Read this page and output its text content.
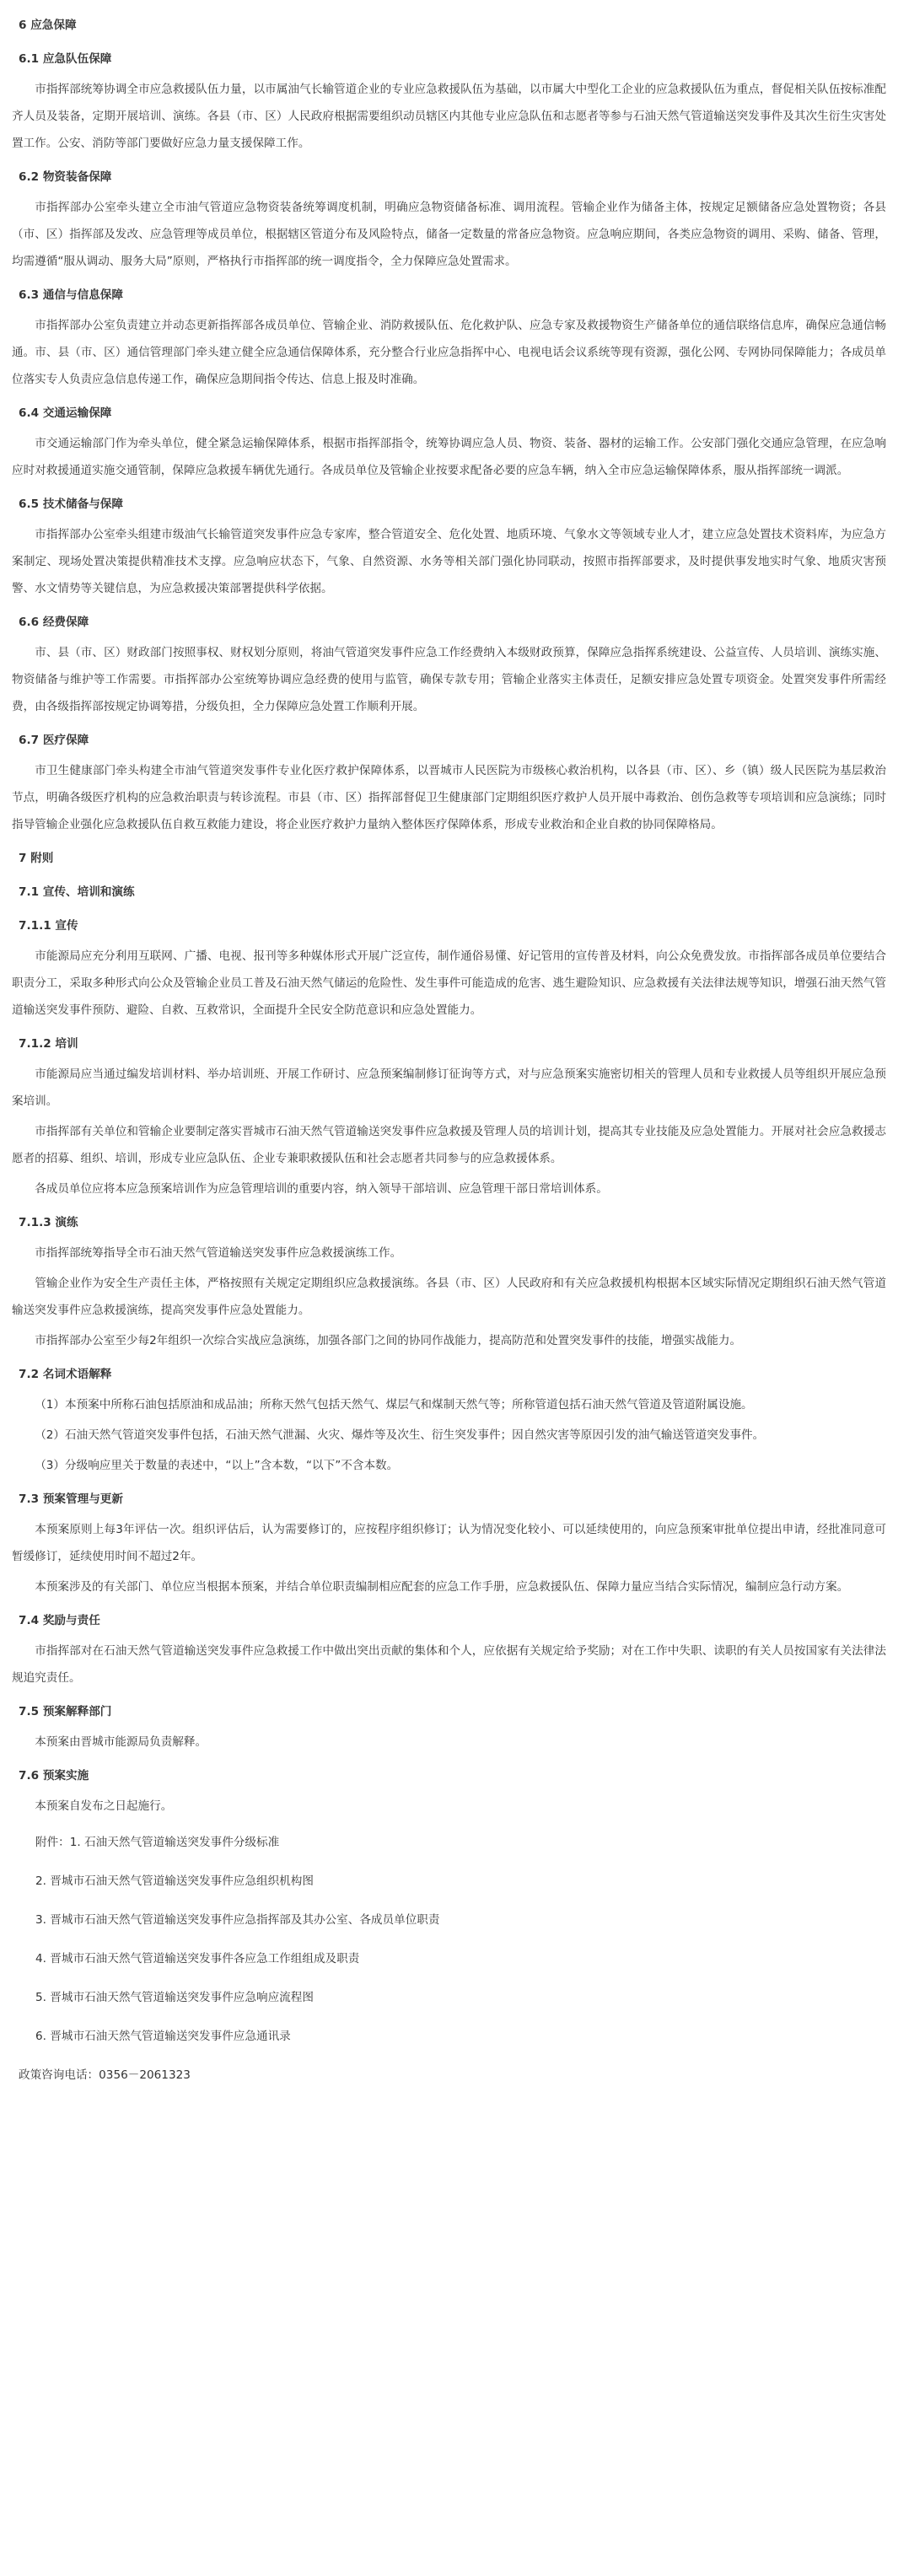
6 应急保障
6.1 应急队伍保障
市指挥部统筹协调全市应急救援队伍力量，以市属油气长输管道企业的专业应急救援队伍为基础，以市属大中型化工企业的应急救援队伍为重点，督促相关队伍按标准配齐人员及装备，定期开展培训、演练。各县（市、区）人民政府根据需要组织动员辖区内其他专业应急队伍和志愿者等参与石油天然气管道输送突发事件及其次生衍生灾害处置工作。公安、消防等部门要做好应急力量支援保障工作。
6.2 物资装备保障
市指挥部办公室牵头建立全市油气管道应急物资装备统筹调度机制，明确应急物资储备标准、调用流程。管输企业作为储备主体，按规定足额储备应急处置物资；各县（市、区）指挥部及发改、应急管理等成员单位，根据辖区管道分布及风险特点，储备一定数量的常备应急物资。应急响应期间，各类应急物资的调用、采购、储备、管理，均需遵循“服从调动、服务大局”原则，严格执行市指挥部的统一调度指令，全力保障应急处置需求。
6.3 通信与信息保障
市指挥部办公室负责建立并动态更新指挥部各成员单位、管输企业、消防救援队伍、危化救护队、应急专家及救援物资生产储备单位的通信联络信息库，确保应急通信畅通。市、县（市、区）通信管理部门牵头建立健全应急通信保障体系，充分整合行业应急指挥中心、电视电话会议系统等现有资源，强化公网、专网协同保障能力；各成员单位落实专人负责应急信息传递工作，确保应急期间指令传达、信息上报及时准确。
6.4 交通运输保障
市交通运输部门作为牵头单位，健全紧急运输保障体系，根据市指挥部指令，统筹协调应急人员、物资、装备、器材的运输工作。公安部门强化交通应急管理，在应急响应时对救援通道实施交通管制，保障应急救援车辆优先通行。各成员单位及管输企业按要求配备必要的应急车辆，纳入全市应急运输保障体系，服从指挥部统一调派。
6.5 技术储备与保障
市指挥部办公室牵头组建市级油气长输管道突发事件应急专家库，整合管道安全、危化处置、地质环境、气象水文等领域专业人才，建立应急处置技术资料库，为应急方案制定、现场处置决策提供精准技术支撑。应急响应状态下，气象、自然资源、水务等相关部门强化协同联动，按照市指挥部要求，及时提供事发地实时气象、地质灾害预警、水文情势等关键信息，为应急救援决策部署提供科学依据。
6.6 经费保障
市、县（市、区）财政部门按照事权、财权划分原则，将油气管道突发事件应急工作经费纳入本级财政预算，保障应急指挥系统建设、公益宣传、人员培训、演练实施、物资储备与维护等工作需要。市指挥部办公室统筹协调应急经费的使用与监管，确保专款专用；管输企业落实主体责任，足额安排应急处置专项资金。处置突发事件所需经费，由各级指挥部按规定协调筹措，分级负担，全力保障应急处置工作顺利开展。
6.7 医疗保障
市卫生健康部门牵头构建全市油气管道突发事件专业化医疗救护保障体系，以晋城市人民医院为市级核心救治机构，以各县（市、区）、乡（镇）级人民医院为基层救治节点，明确各级医疗机构的应急救治职责与转诊流程。市县（市、区）指挥部督促卫生健康部门定期组织医疗救护人员开展中毒救治、创伤急救等专项培训和应急演练；同时指导管输企业强化应急救援队伍自救互救能力建设，将企业医疗救护力量纳入整体医疗保障体系，形成专业救治和企业自救的协同保障格局。
7 附则
7.1 宣传、培训和演练
7.1.1 宣传
市能源局应充分利用互联网、广播、电视、报刊等多种媒体形式开展广泛宣传，制作通俗易懂、好记管用的宣传普及材料，向公众免费发放。市指挥部各成员单位要结合职责分工，采取多种形式向公众及管输企业员工普及石油天然气储运的危险性、发生事件可能造成的危害、逃生避险知识、应急救援有关法律法规等知识，增强石油天然气管道输送突发事件预防、避险、自救、互救常识，全面提升全民安全防范意识和应急处置能力。
7.1.2 培训
市能源局应当通过编发培训材料、举办培训班、开展工作研讨、应急预案编制修订征询等方式，对与应急预案实施密切相关的管理人员和专业救援人员等组织开展应急预案培训。
市指挥部有关单位和管输企业要制定落实晋城市石油天然气管道输送突发事件应急救援及管理人员的培训计划，提高其专业技能及应急处置能力。开展对社会应急救援志愿者的招募、组织、培训，形成专业应急队伍、企业专兼职救援队伍和社会志愿者共同参与的应急救援体系。
各成员单位应将本应急预案培训作为应急管理培训的重要内容，纳入领导干部培训、应急管理干部日常培训体系。
7.1.3 演练
市指挥部统筹指导全市石油天然气管道输送突发事件应急救援演练工作。
管输企业作为安全生产责任主体，严格按照有关规定定期组织应急救援演练。各县（市、区）人民政府和有关应急救援机构根据本区域实际情况定期组织石油天然气管道输送突发事件应急救援演练，提高突发事件应急处置能力。
市指挥部办公室至少每2年组织一次综合实战应急演练，加强各部门之间的协同作战能力，提高防范和处置突发事件的技能，增强实战能力。
7.2 名词术语解释
（1）本预案中所称石油包括原油和成品油；所称天然气包括天然气、煤层气和煤制天然气等；所称管道包括石油天然气管道及管道附属设施。
（2）石油天然气管道突发事件包括，石油天然气泄漏、火灾、爆炸等及次生、衍生突发事件；因自然灾害等原因引发的油气输送管道突发事件。
（3）分级响应里关于数量的表述中，“以上”含本数，“以下”不含本数。
7.3 预案管理与更新
本预案原则上每3年评估一次。组织评估后，认为需要修订的，应按程序组织修订；认为情况变化较小、可以延续使用的，向应急预案审批单位提出申请，经批准同意可暂缓修订，延续使用时间不超过2年。
本预案涉及的有关部门、单位应当根据本预案，并结合单位职责编制相应配套的应急工作手册，应急救援队伍、保障力量应当结合实际情况，编制应急行动方案。
7.4 奖励与责任
市指挥部对在石油天然气管道输送突发事件应急救援工作中做出突出贡献的集体和个人，应依据有关规定给予奖励；对在工作中失职、读职的有关人员按国家有关法律法规追究责任。
7.5 预案解释部门
本预案由晋城市能源局负责解释。
7.6 预案实施
本预案自发布之日起施行。
附件：1. 石油天然气管道输送突发事件分级标准
2. 晋城市石油天然气管道输送突发事件应急组织机构图
3. 晋城市石油天然气管道输送突发事件应急指挥部及其办公室、各成员单位职责
4. 晋城市石油天然气管道输送突发事件各应急工作组组成及职责
5. 晋城市石油天然气管道输送突发事件应急响应流程图
6. 晋城市石油天然气管道输送突发事件应急通讯录
政策咨询电话：0356－2061323
